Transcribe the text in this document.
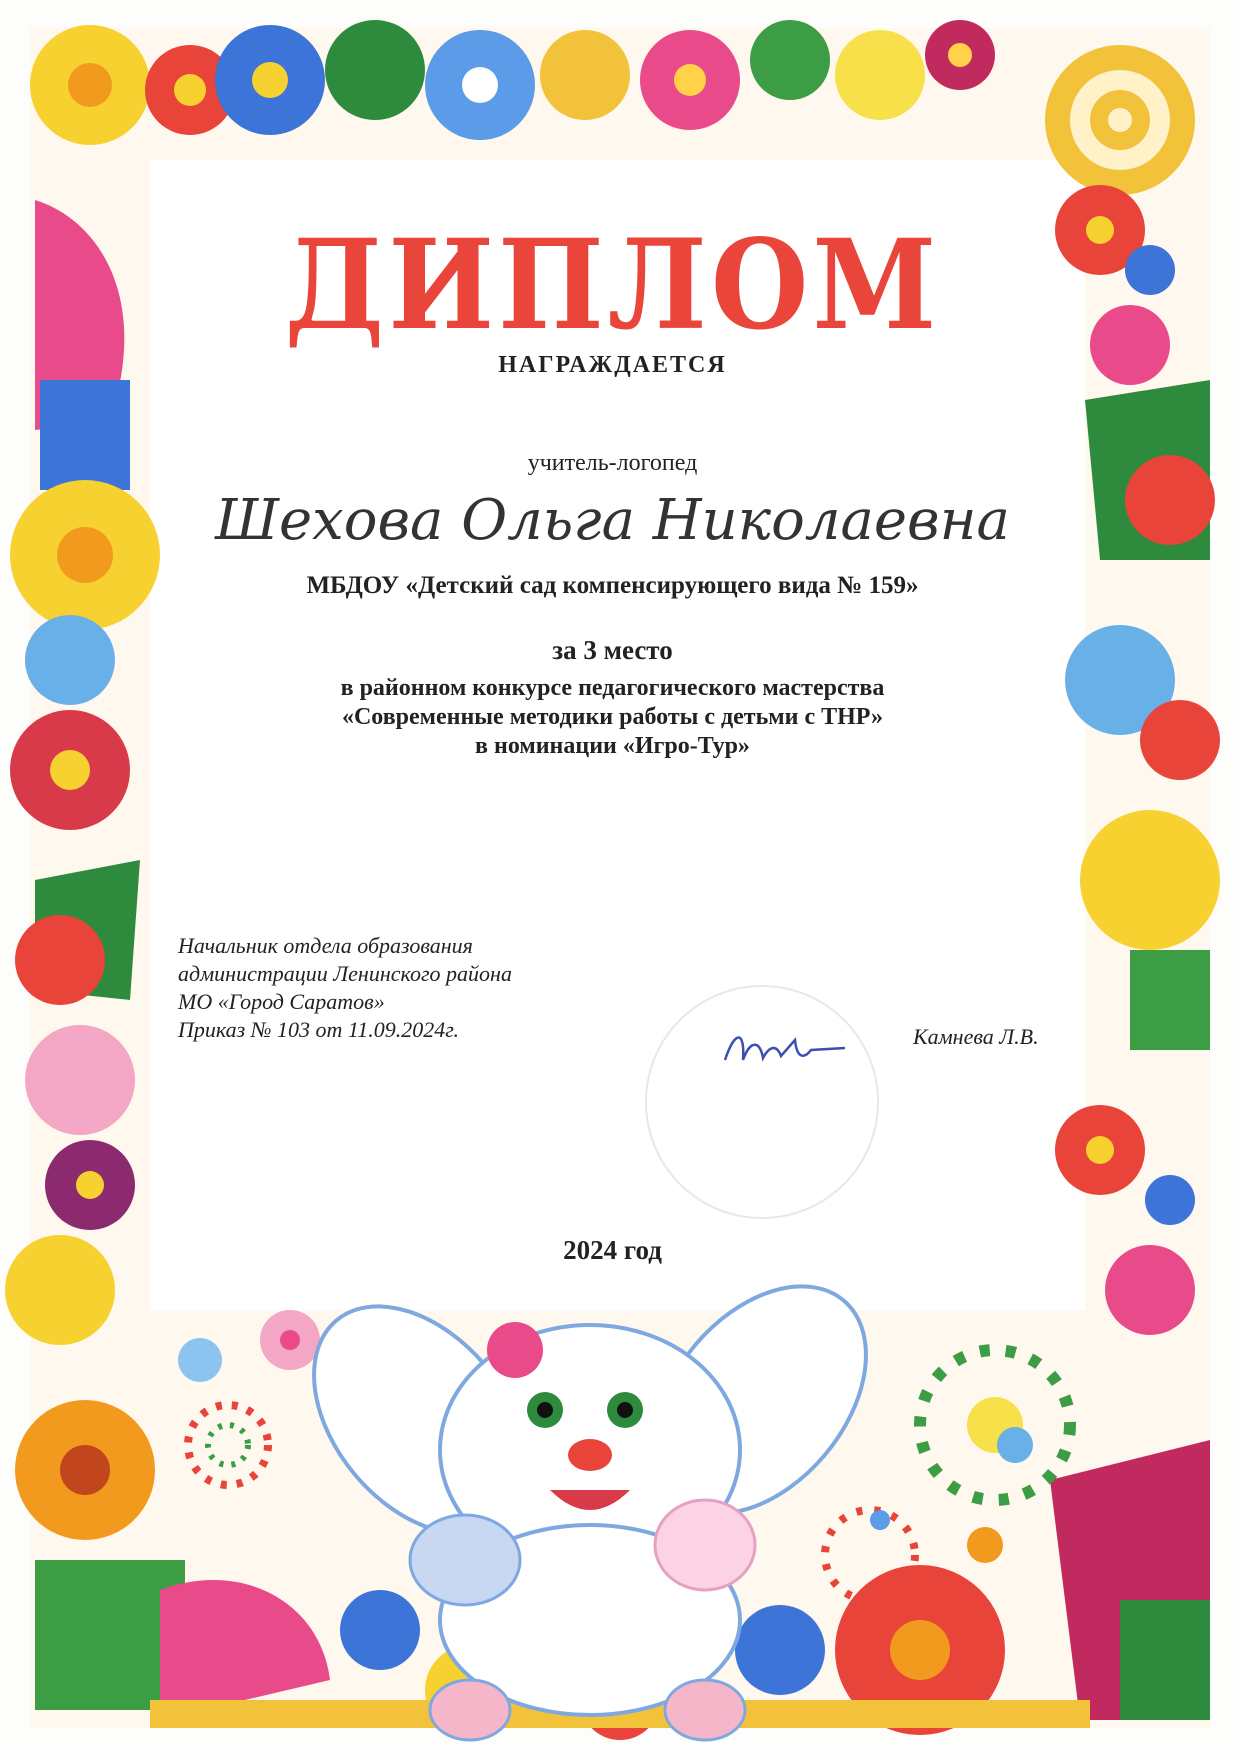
ДИПЛОМ
НАГРАЖДАЕТСЯ
учитель-логопед
Шехова Ольга Николаевна
МБДОУ «Детский сад компенсирующего вида № 159»
за 3 место
в районном конкурсе педагогического мастерства
«Современные методики работы с детьми с ТНР»
в номинации «Игро-Тур»
Начальник отдела образования
администрации Ленинского района
МО «Город Саратов»
Приказ № 103 от 11.09.2024г.	Камнева Л.В.
2024 год
